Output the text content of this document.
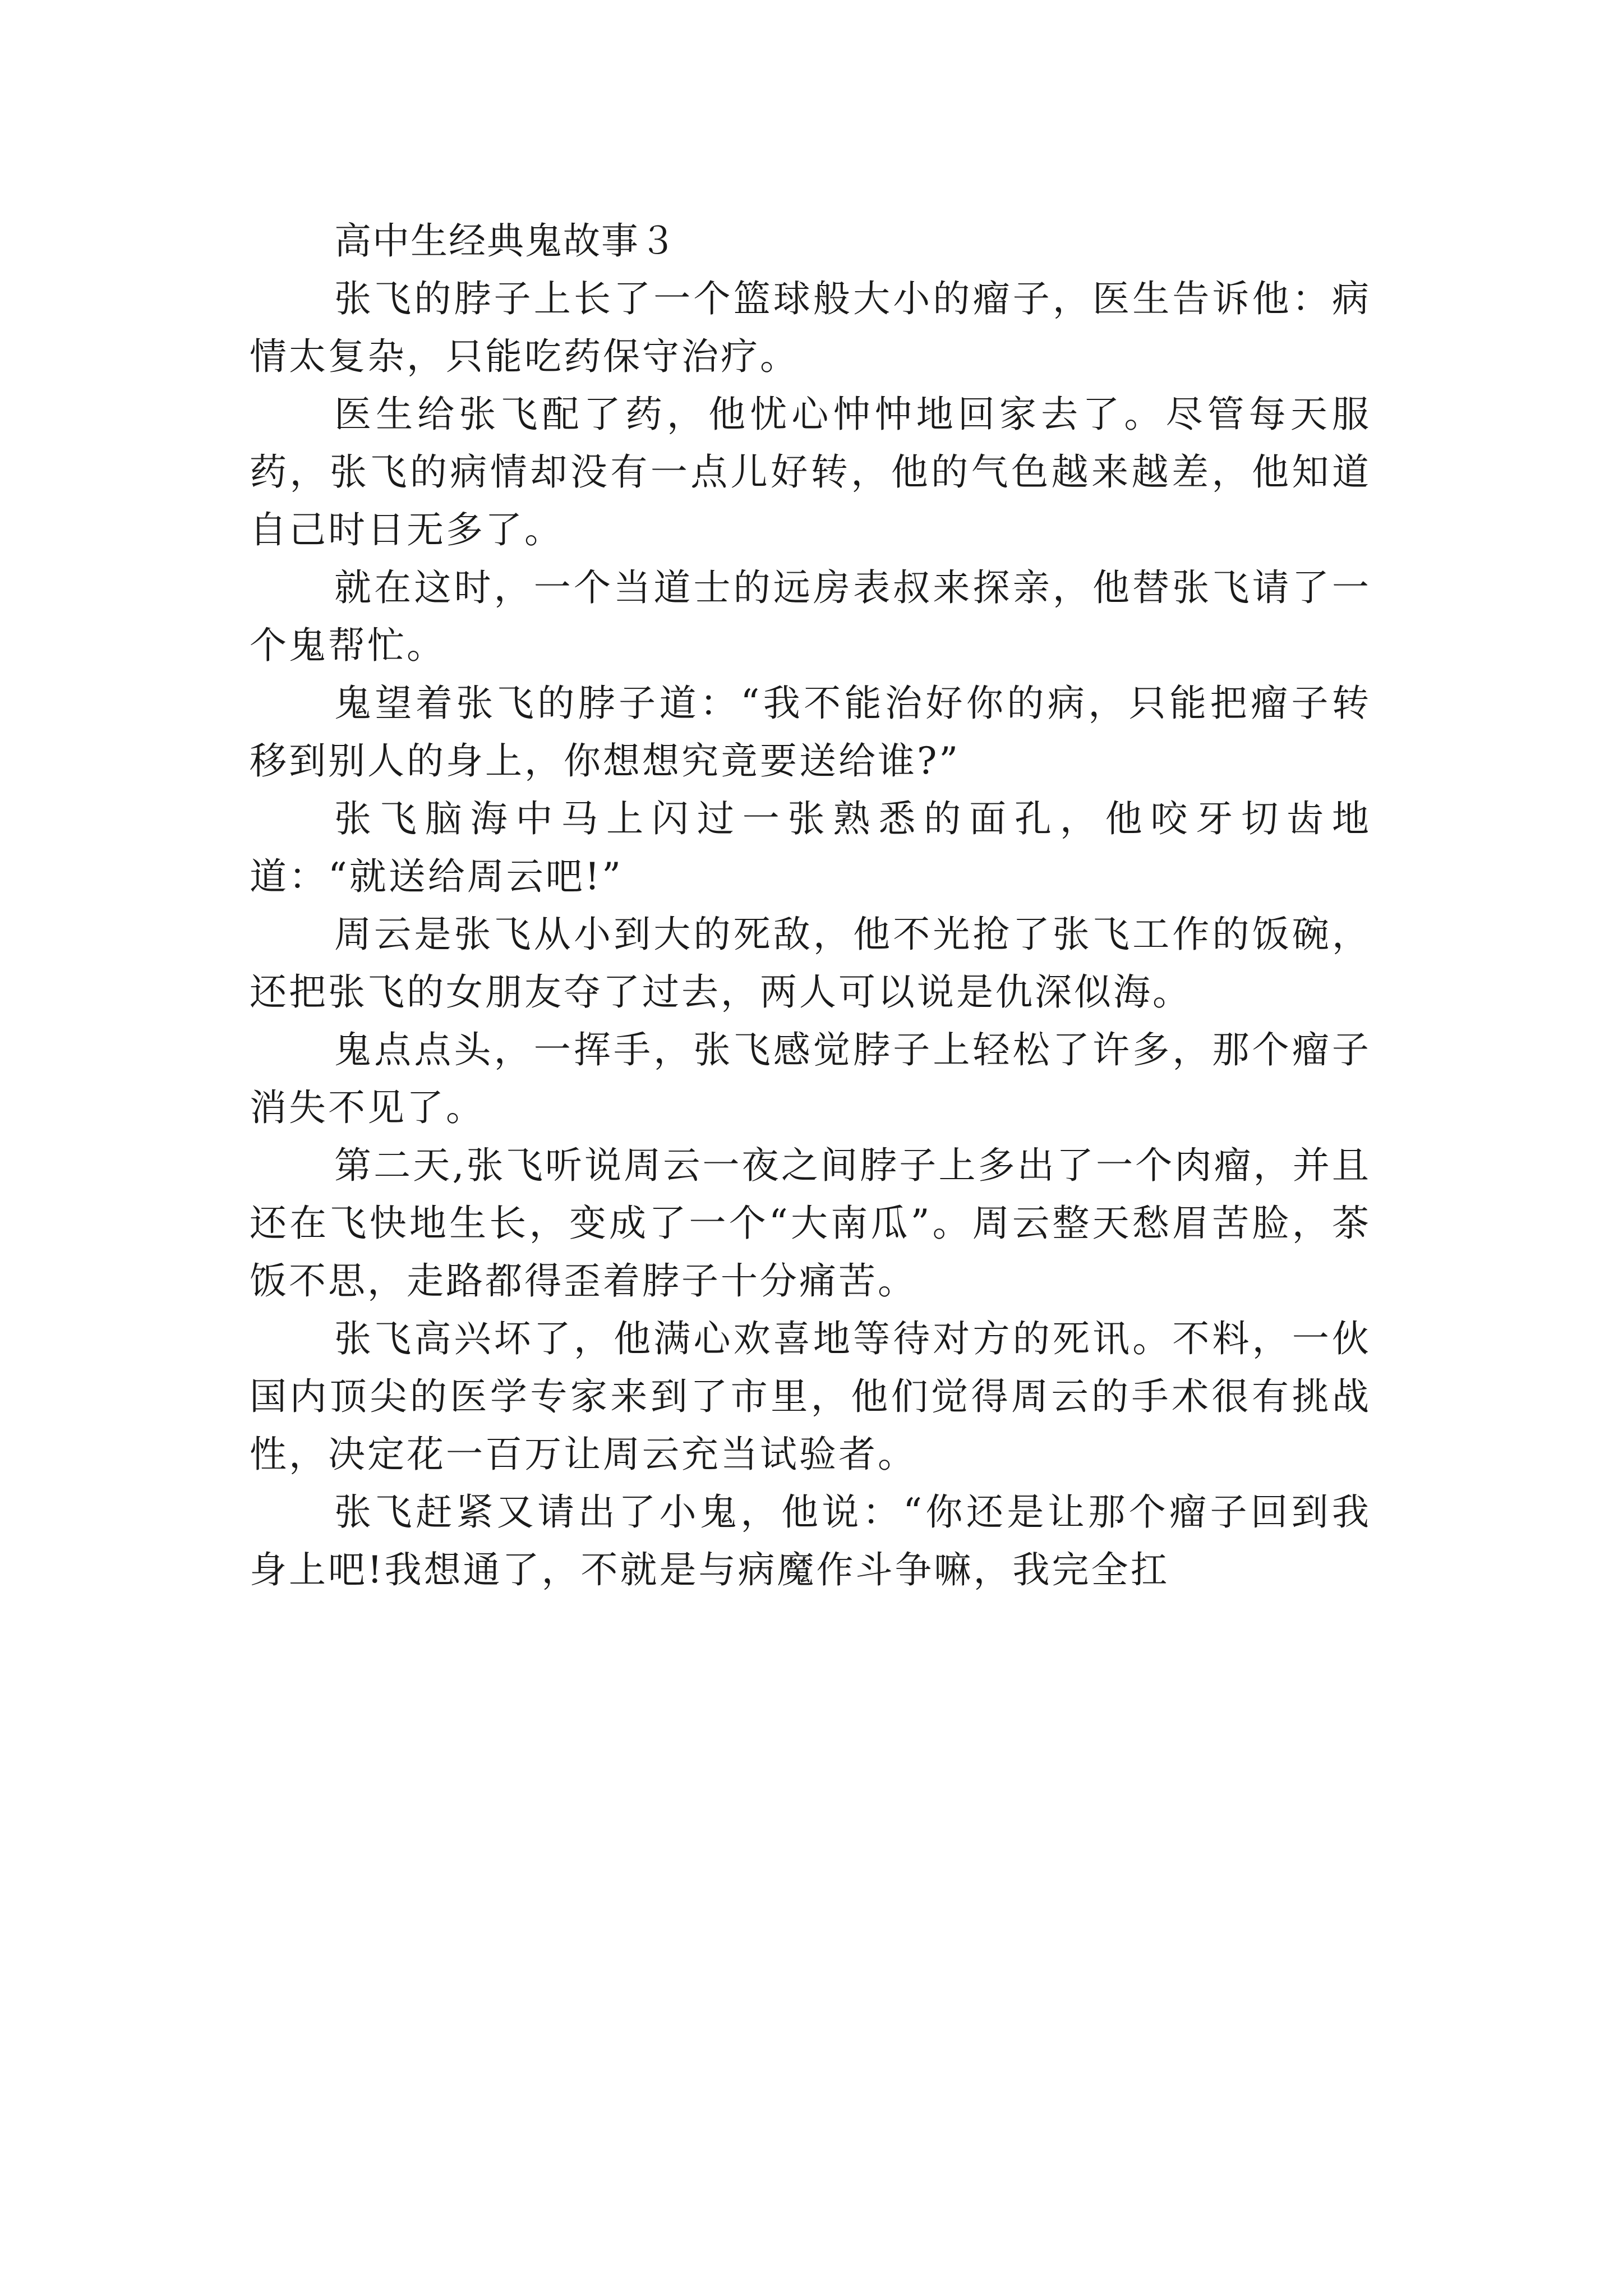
高中生经典鬼故事３

张飞的脖子上长了一个篮球般大小的瘤子，医生告诉他：病情太复杂，只能吃药保守治疗。

医生给张飞配了药，他忧心忡忡地回家去了。尽管每天服药，张飞的病情却没有一点儿好转，他的气色越来越差，他知道自己时日无多了。

就在这时，一个当道士的远房表叔来探亲，他替张飞请了一个鬼帮忙。

鬼望着张飞的脖子道：“我不能治好你的病，只能把瘤子转移到别人的身上，你想想究竟要送给谁?”

张飞脑海中马上闪过一张熟悉的面孔，他咬牙切齿地道：“就送给周云吧!”

周云是张飞从小到大的死敌，他不光抢了张飞工作的饭碗，还把张飞的女朋友夺了过去，两人可以说是仇深似海。

鬼点点头，一挥手，张飞感觉脖子上轻松了许多，那个瘤子消失不见了。

第二天,张飞听说周云一夜之间脖子上多出了一个肉瘤，并且还在飞快地生长，变成了一个“大南瓜”。周云整天愁眉苦脸，茶饭不思，走路都得歪着脖子十分痛苦。

张飞高兴坏了，他满心欢喜地等待对方的死讯。不料，一伙国内顶尖的医学专家来到了市里，他们觉得周云的手术很有挑战性，决定花一百万让周云充当试验者。

张飞赶紧又请出了小鬼，他说：“你还是让那个瘤子回到我身上吧!我想通了，不就是与病魔作斗争嘛，我完全扛
